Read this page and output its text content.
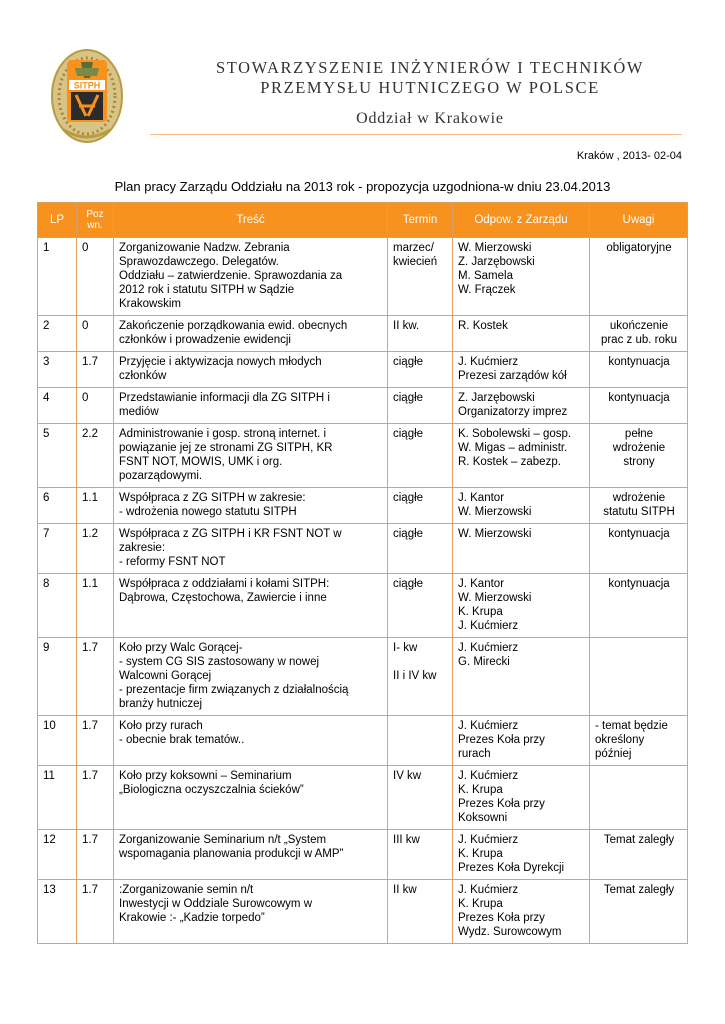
SITPH
STOWARZYSZENIE INŻYNIERÓW I TECHNIKÓW
PRZEMYSŁU HUTNICZEGO W POLSCE
Oddział w Krakowie
Kraków , 2013- 02-04
Plan pracy Zarządu Oddziału na 2013 rok - propozycja uzgodniona-w dniu 23.04.2013
LP	Poz
wn.	Treść	Termin	Odpow. z Zarządu	Uwagi
1	0	Zorganizowanie Nadzw. Zebrania
Sprawozdawczego. Delegatów.
Oddziału – zatwierdzenie. Sprawozdania za
2012 rok i statutu SITPH w Sądzie
Krakowskim	marzec/
kwiecień	W. Mierzowski
Z. Jarzębowski
M. Samela
W. Frączek	obligatoryjne
2	0	Zakończenie porządkowania ewid. obecnych
członków i prowadzenie ewidencji	II kw.	R. Kostek	ukończenie
prac z ub. roku
3	1.7	Przyjęcie i aktywizacja nowych młodych
członków	ciągłe	J. Kućmierz
Prezesi zarządów kół	kontynuacja
4	0	Przedstawianie informacji dla ZG SITPH i
mediów	ciągłe	Z. Jarzębowski
Organizatorzy imprez	kontynuacja
5	2.2	Administrowanie i gosp. stroną internet. i
powiązanie jej ze stronami ZG SITPH, KR
FSNT NOT, MOWIS, UMK i org.
pozarządowymi.	ciągłe	K. Sobolewski – gosp.
W. Migas – administr.
R. Kostek – zabezp.	pełne
wdrożenie
strony
6	1.1	Współpraca z ZG SITPH w zakresie:
- wdrożenia nowego statutu SITPH	ciągłe	J. Kantor
W. Mierzowski	wdrożenie
statutu SITPH
7	1.2	Współpraca z ZG SITPH i KR FSNT NOT w
zakresie:
- reformy FSNT NOT	ciągłe	W. Mierzowski	kontynuacja
8	1.1	Współpraca z oddziałami i kołami SITPH:
Dąbrowa, Częstochowa, Zawiercie i inne	ciągłe	J. Kantor
W. Mierzowski
K. Krupa
J. Kućmierz	kontynuacja
9	1.7	Koło przy Walc Gorącej-
- system CG SIS zastosowany w nowej
Walcowni Gorącej
- prezentacje firm związanych z działalnością
branży hutniczej	I- kw

II i IV kw	J. Kućmierz
G. Mirecki	
10	1.7	Koło przy rurach
- obecnie brak tematów..		J. Kućmierz
Prezes Koła przy
rurach	- temat będzie
określony
później
11	1.7	Koło przy koksowni – Seminarium
„Biologiczna oczyszczalnia ścieków”	IV kw	J. Kućmierz
K. Krupa
Prezes Koła przy
Koksowni	
12	1.7	Zorganizowanie Seminarium n/t „System
wspomagania planowania produkcji w AMP”	III kw	J. Kućmierz
K. Krupa
Prezes Koła Dyrekcji	Temat zaległy
13	1.7	:Zorganizowanie semin n/t
Inwestycji w Oddziale Surowcowym w
Krakowie :- „Kadzie torpedo”	II kw	J. Kućmierz
K. Krupa
Prezes Koła przy
Wydz. Surowcowym	Temat zaległy
